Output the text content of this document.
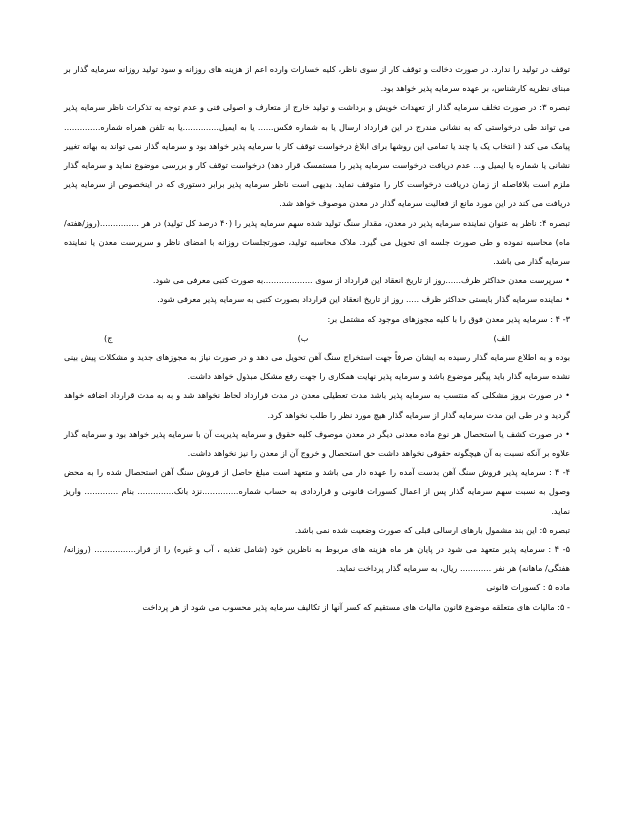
توقف در تولید را ندارد. در صورت دخالت و توقف کار از سوی ناظر، کلیه خسارات وارده اعم از هزینه های روزانه و سود تولید روزانه سرمایه گذار بر مبنای نظریه کارشناس، بر عهده سرمایه پذیر خواهد بود.

تبصره ۳: در صورت تخلف سرمایه گذار از تعهدات خویش و برداشت و تولید خارج از متعارف و اصولی فنی و عدم توجه به تذکرات ناظر سرمایه پذیر می تواند طی درخواستی که به نشانی مندرج در این قرارداد ارسال یا به شماره فکس...... یا به ایمیل..............یا به تلفن همراه شماره.............. پیامک می کند ( انتخاب یک یا چند یا تمامی این روشها برای ابلاغ درخواست توقف کار با سرمایه پذیر خواهد بود و سرمایه گذار نمی تواند به بهانه تغییر نشانی یا شماره یا ایمیل و... عدم دریافت درخواست سرمایه پذیر را مستمسک قرار دهد) درخواست توقف کار و بررسی موضوع نماید و سرمایه گذار ملزم است بلافاصله از زمان دریافت درخواست کار را متوقف نماید. بدیهی است ناظر سرمایه پذیر برابر دستوری که در اینخصوص از سرمایه پذیر دریافت می کند در این مورد مانع از فعالیت سرمایه گذار در معدن موصوف خواهد شد.

تبصره ۴: ناظر به عنوان نماینده سرمایه پذیر در معدن، مقدار سنگ تولید شده سهم سرمایه پذیر را (۴۰ درصد کل تولید) در هر ...............(روز/هفته/ماه) محاسبه نموده و طی صورت جلسه ای تحویل می گیرد. ملاک محاسبه تولید، صورتجلسات روزانه با امضای ناظر و سرپرست معدن یا نماینده سرمایه گذار می باشد.

• سرپرست معدن حداکثر ظرف......روز از تاریخ انعقاد این قرارداد از سوی ...................به صورت کتبی معرفی می شود.

• نماینده سرمایه گذار بایستی حداکثر ظرف ..... روز از تاریخ انعقاد این قرارداد بصورت کتبی به سرمایه پذیر معرفی شود.

۳- ۴ : سرمایه پذیر معدن فوق را با کلیه مجوزهای موجود که مشتمل بر:

الف)
ب)
ج)

بوده و به اطلاع سرمایه گذار رسیده به ایشان صرفاً جهت استخراج سنگ آهن تحویل می دهد و در صورت نیاز به مجوزهای جدید و مشکلات پیش بینی نشده سرمایه گذار باید پیگیر موضوع باشد و سرمایه پذیر نهایت همکاری را جهت رفع مشکل مبذول خواهد داشت.

• در صورت بروز مشکلی که منتسب به سرمایه پذیر باشد مدت تعطیلی معدن در مدت قرارداد لحاظ نخواهد شد و به به مدت قرارداد اضافه خواهد گردید و در طی این مدت سرمایه گذار از سرمایه گذار هیچ مورد نظر را طلب نخواهد کرد.

• در صورت کشف یا استحصال هر نوع ماده معدنی دیگر در معدن موصوف کلیه حقوق و سرمایه پذیریت آن با سرمایه پذیر خواهد بود و سرمایه گذار علاوه بر آنکه نسبت به آن هیچگونه حقوقی نخواهد داشت حق استحصال و خروج آن از معدن را نیز نخواهد داشت.

۴- ۴ : سرمایه پذیر فروش سنگ آهن بدست آمده را عهده دار می باشد و متعهد است مبلغ حاصل از فروش سنگ آهن استحصال شده را به محض وصول به نسبت سهم سرمایه گذار پس از اعمال کسورات قانونی و قراردادی به حساب شماره..............نزد بانک.............. بنام ............. واریز نماید.

تبصره ۵: این بند مشمول بارهای ارسالی قبلی که صورت وضعیت شده نمی باشد.

۵- ۴ : سرمایه پذیر متعهد می شود در پایان هر ماه هزینه های مربوط به ناظرین خود (شامل تغذیه ، آب و غیره) را از قرار................ (روزانه/ هفتگی/ ماهانه) هر نفر ............ ریال، به سرمایه گذار پرداخت نماید.

ماده ۵ : کسورات قانونی

- ۵: مالیات های متعلقه موضوع قانون مالیات های مستقیم که کسر آنها از تکالیف سرمایه پذیر محسوب می شود از هر پرداخت
